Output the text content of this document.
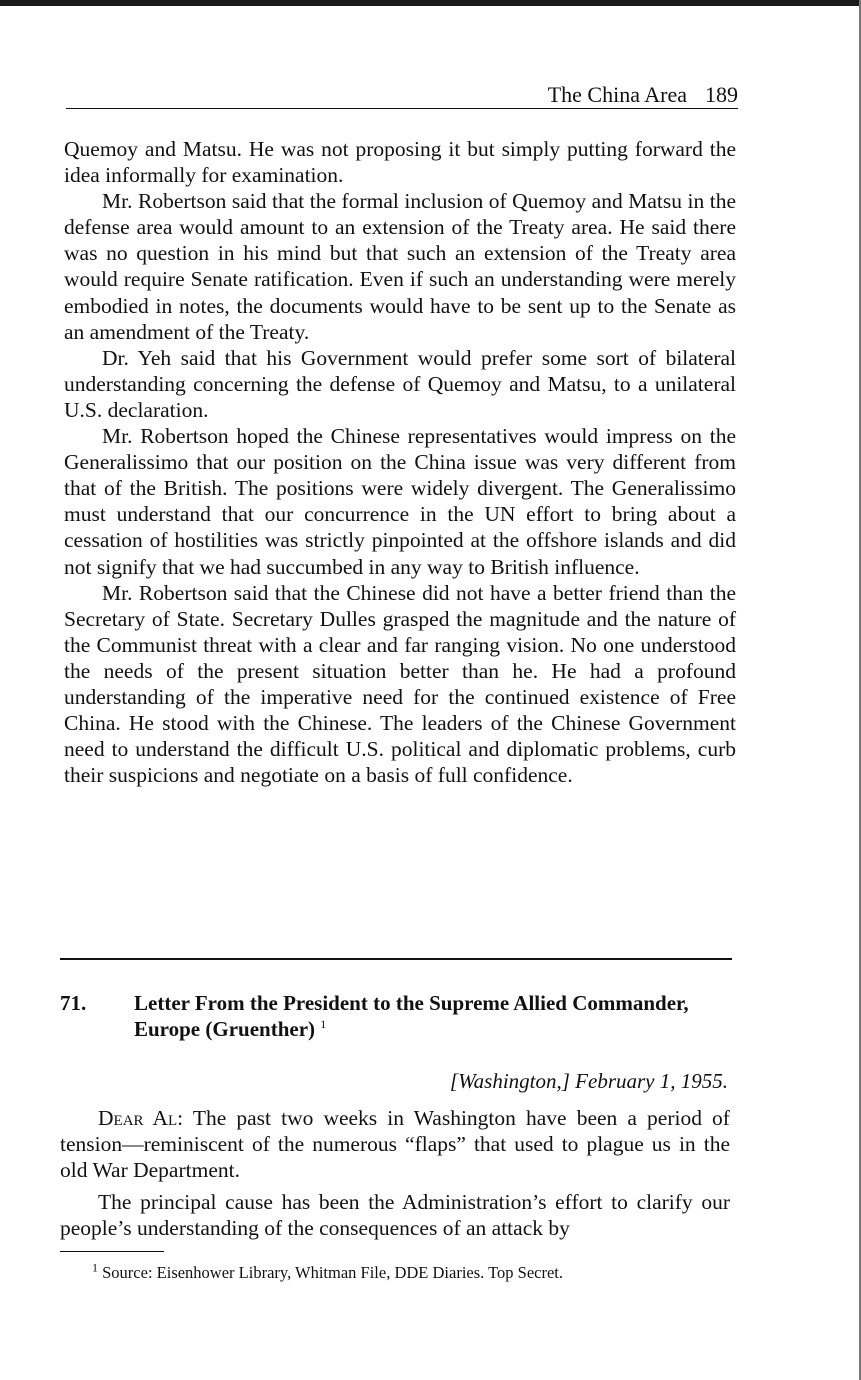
The China Area 189

Quemoy and Matsu. He was not proposing it but simply putting forward the idea informally for examination.

Mr. Robertson said that the formal inclusion of Quemoy and Matsu in the defense area would amount to an extension of the Treaty area. He said there was no question in his mind but that such an extension of the Treaty area would require Senate ratification. Even if such an understanding were merely embodied in notes, the documents would have to be sent up to the Senate as an amendment of the Treaty.

Dr. Yeh said that his Government would prefer some sort of bilateral understanding concerning the defense of Quemoy and Matsu, to a unilateral U.S. declaration.

Mr. Robertson hoped the Chinese representatives would impress on the Generalissimo that our position on the China issue was very different from that of the British. The positions were widely divergent. The Generalissimo must understand that our concurrence in the UN effort to bring about a cessation of hostilities was strictly pinpointed at the offshore islands and did not signify that we had succumbed in any way to British influence.

Mr. Robertson said that the Chinese did not have a better friend than the Secretary of State. Secretary Dulles grasped the magnitude and the nature of the Communist threat with a clear and far ranging vision. No one understood the needs of the present situation better than he. He had a profound understanding of the imperative need for the continued existence of Free China. He stood with the Chinese. The leaders of the Chinese Government need to understand the difficult U.S. political and diplomatic problems, curb their suspicions and negotiate on a basis of full confidence.

71. Letter From the President to the Supreme Allied Commander, Europe (Gruenther) $^1$
[Washington,] February 1, 1955.

Dear Al: The past two weeks in Washington have been a period of tension—reminiscent of the numerous “flaps” that used to plague us in the old War Department.

The principal cause has been the Administration’s effort to clarify our people’s understanding of the consequences of an attack by

$^1$ Source: Eisenhower Library, Whitman File, DDE Diaries. Top Secret.
